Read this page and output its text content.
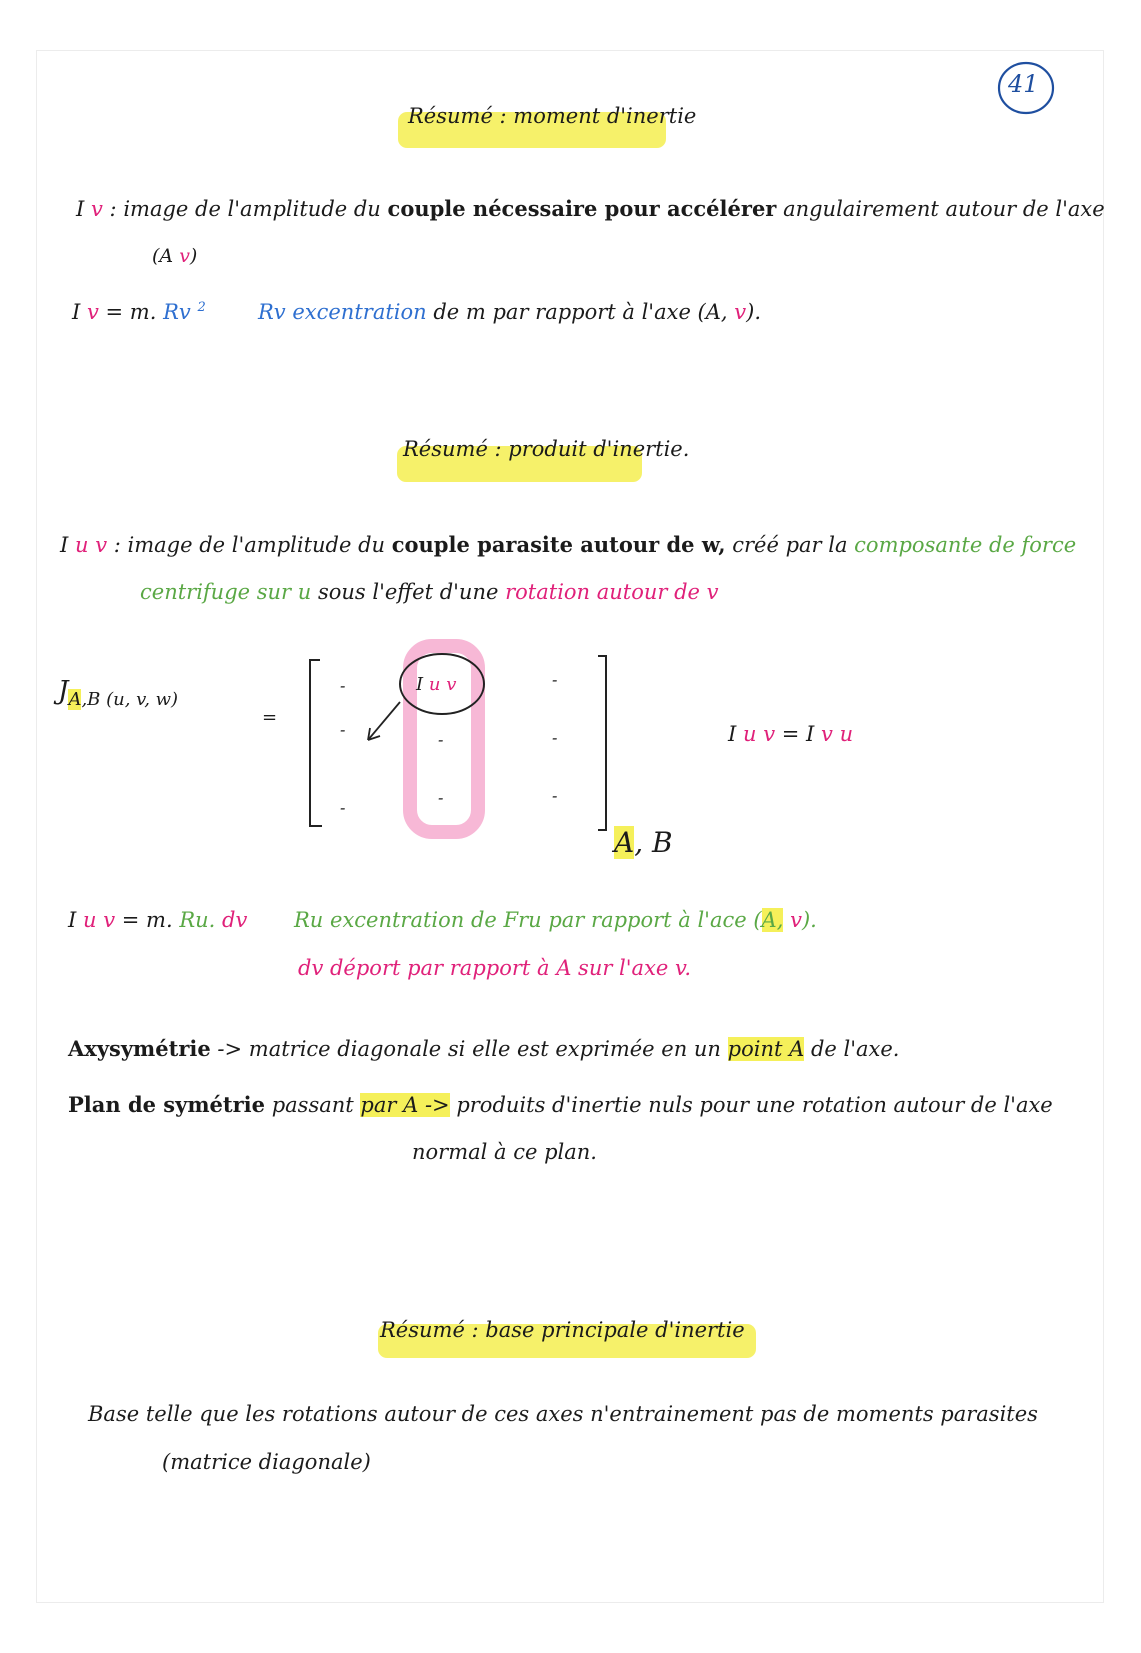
41
Résumé : moment d'inertie
I v : image de l'amplitude du couple nécessaire pour accélérer angulairement autour de l'axe
(A v)
I v = m. Rv $^2$ Rv excentration de m par rapport à l'axe (A, v).
Résumé : produit d'inertie.
I u v : image de l'amplitude du couple parasite autour de w, créé par la composante de force
centrifuge sur u sous l'effet d'une rotation autour de v
$J_{A,B (u, v, w)}$
=
I u v
-
-
-
-
-
-
-
-
A, B
I u v = I v u
I u v = m. Ru. dv Ru excentration de Fru par rapport à l'ace (A, v).
dv déport par rapport à A sur l'axe v.
Axysymétrie -> matrice diagonale si elle est exprimée en un point A de l'axe.
Plan de symétrie passant par A -> produits d'inertie nuls pour une rotation autour de l'axe
normal à ce plan.
Résumé : base principale d'inertie
Base telle que les rotations autour de ces axes n'entrainement pas de moments parasites
(matrice diagonale)
